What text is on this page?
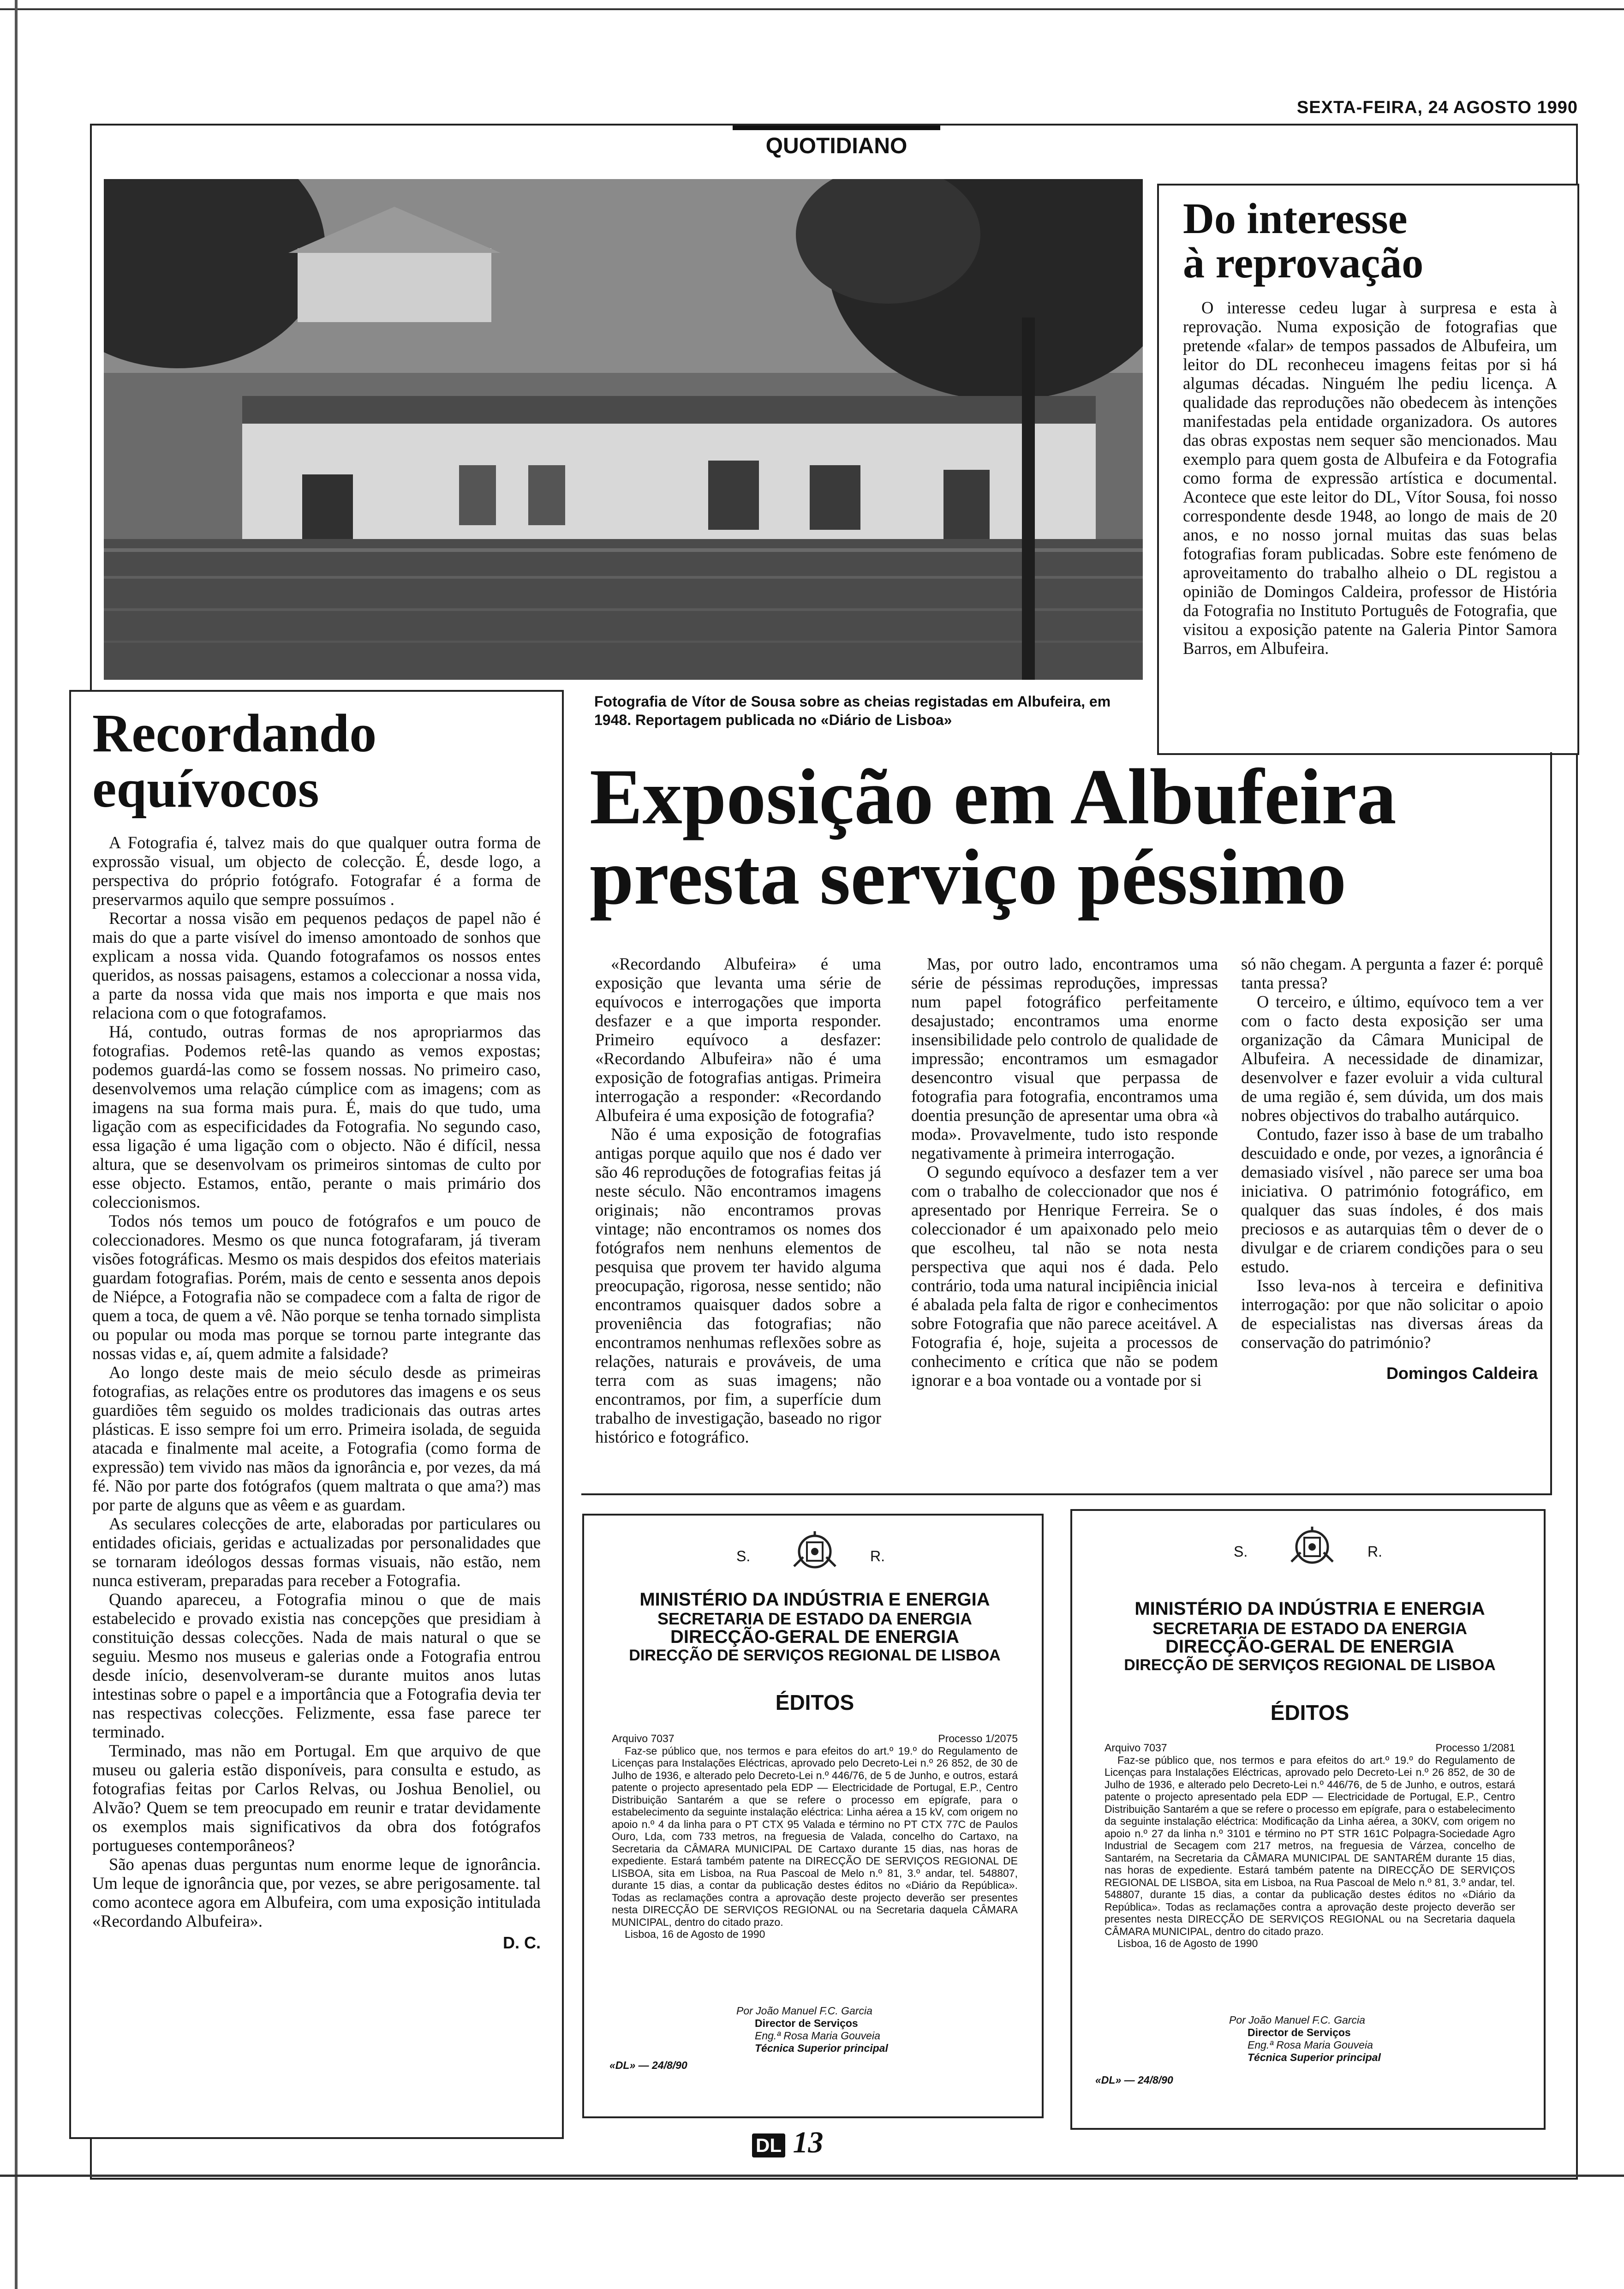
SEXTA-FEIRA, 24 AGOSTO 1990
QUOTIDIANO
Fotografia de Vítor de Sousa sobre as cheias registadas em Albufeira, em 1948. Reportagem publicada no «Diário de Lisboa»
Do interesse
à reprovação

O interesse cedeu lugar à surpresa e esta à reprovação. Numa exposição de fotografias que pretende «falar» de tempos passados de Albufeira, um leitor do DL reconheceu imagens feitas por si há algumas décadas. Ninguém lhe pediu licença. A qualidade das reproduções não obedecem às intenções manifestadas pela entidade organizadora. Os autores das obras expostas nem sequer são mencionados. Mau exemplo para quem gosta de Albufeira e da Fotografia como forma de expressão artística e documental. Acontece que este leitor do DL, Vítor Sousa, foi nosso correspondente desde 1948, ao longo de mais de 20 anos, e no nosso jornal muitas das suas belas fotografias foram publicadas. Sobre este fenómeno de aproveitamento do trabalho alheio o DL registou a opinião de Domingos Caldeira, professor de História da Fotografia no Instituto Português de Fotografia, que visitou a exposição patente na Galeria Pintor Samora Barros, em Albufeira.

Recordando
equívocos

A Fotografia é, talvez mais do que qualquer outra forma de exprossão visual, um objecto de colecção. É, desde logo, a perspectiva do próprio fotógrafo. Fotografar é a forma de preservarmos aquilo que sempre possuímos .

Recortar a nossa visão em pequenos pedaços de papel não é mais do que a parte visível do imenso amontoado de sonhos que explicam a nossa vida. Quando fotografamos os nossos entes queridos, as nossas paisagens, estamos a coleccionar a nossa vida, a parte da nossa vida que mais nos importa e que mais nos relaciona com o que fotografamos.

Há, contudo, outras formas de nos apropriarmos das fotografias. Podemos retê-las quando as vemos expostas; podemos guardá-las como se fossem nossas. No primeiro caso, desenvolvemos uma relação cúmplice com as imagens; com as imagens na sua forma mais pura. É, mais do que tudo, uma ligação com as especificidades da Fotografia. No segundo caso, essa ligação é uma ligação com o objecto. Não é difícil, nessa altura, que se desenvolvam os primeiros sintomas de culto por esse objecto. Estamos, então, perante o mais primário dos coleccionismos.

Todos nós temos um pouco de fotógrafos e um pouco de coleccionadores. Mesmo os que nunca fotografaram, já tiveram visões fotográficas. Mesmo os mais despidos dos efeitos materiais guardam fotografias. Porém, mais de cento e sessenta anos depois de Niépce, a Fotografia não se compadece com a falta de rigor de quem a toca, de quem a vê. Não porque se tenha tornado simplista ou popular ou moda mas porque se tornou parte integrante das nossas vidas e, aí, quem admite a falsidade?

Ao longo deste mais de meio século desde as primeiras fotografias, as relações entre os produtores das imagens e os seus guardiões têm seguido os moldes tradicionais das outras artes plásticas. E isso sempre foi um erro. Primeira isolada, de seguida atacada e finalmente mal aceite, a Fotografia (como forma de expressão) tem vivido nas mãos da ignorância e, por vezes, da má fé. Não por parte dos fotógrafos (quem maltrata o que ama?) mas por parte de alguns que as vêem e as guardam.

As seculares colecções de arte, elaboradas por particulares ou entidades oficiais, geridas e actualizadas por personalidades que se tornaram ideólogos dessas formas visuais, não estão, nem nunca estiveram, preparadas para receber a Fotografia.

Quando apareceu, a Fotografia minou o que de mais estabelecido e provado existia nas concepções que presidiam à constituição dessas colecções. Nada de mais natural o que se seguiu. Mesmo nos museus e galerias onde a Fotografia entrou desde início, desenvolveram-se durante muitos anos lutas intestinas sobre o papel e a importância que a Fotografia devia ter nas respectivas colecções. Felizmente, essa fase parece ter terminado.

Terminado, mas não em Portugal. Em que arquivo de que museu ou galeria estão disponíveis, para consulta e estudo, as fotografias feitas por Carlos Relvas, ou Joshua Benoliel, ou Alvão? Quem se tem preocupado em reunir e tratar devidamente os exemplos mais significativos da obra dos fotógrafos portugueses contemporâneos?

São apenas duas perguntas num enorme leque de ignorância. Um leque de ignorância que, por vezes, se abre perigosamente. tal como acontece agora em Albufeira, com uma exposição intitulada «Recordando Albufeira».

D. C.
Exposição em Albufeira
presta serviço péssimo

«Recordando Albufeira» é uma exposição que levanta uma série de equívocos e interrogações que importa desfazer e a que importa responder. Primeiro equívoco a desfazer: «Recordando Albufeira» não é uma exposição de fotografias antigas. Primeira interrogação a responder: «Recordando Albufeira é uma exposição de fotografia?

Não é uma exposição de fotografias antigas porque aquilo que nos é dado ver são 46 reproduções de fotografias feitas já neste século. Não encontramos imagens originais; não encontramos provas vintage; não encontramos os nomes dos fotógrafos nem nenhuns elementos de pesquisa que provem ter havido alguma preocupação, rigorosa, nesse sentido; não encontramos quaisquer dados sobre a proveniência das fotografias; não encontramos nenhumas reflexões sobre as relações, naturais e prováveis, de uma terra com as suas imagens; não encontramos, por fim, a superfície dum trabalho de investigação, baseado no rigor histórico e fotográfico.

Mas, por outro lado, encontramos uma série de péssimas reproduções, impressas num papel fotográfico perfeitamente desajustado; encontramos uma enorme insensibilidade pelo controlo de qualidade de impressão; encontramos um esmagador desencontro visual que perpassa de fotografia para fotografia, encontramos uma doentia presunção de apresentar uma obra «à moda». Provavelmente, tudo isto responde negativamente à primeira interrogação.

O segundo equívoco a desfazer tem a ver com o trabalho de coleccionador que nos é apresentado por Henrique Ferreira. Se o coleccionador é um apaixonado pelo meio que escolheu, tal não se nota nesta perspectiva que aqui nos é dada. Pelo contrário, toda uma natural incipiência inicial é abalada pela falta de rigor e conhecimentos sobre Fotografia que não parece aceitável. A Fotografia é, hoje, sujeita a processos de conhecimento e crítica que não se podem ignorar e a boa vontade ou a vontade por si

só não chegam. A pergunta a fazer é: porquê tanta pressa?

O terceiro, e último, equívoco tem a ver com o facto desta exposição ser uma organização da Câmara Municipal de Albufeira. A necessidade de dinamizar, desenvolver e fazer evoluir a vida cultural de uma região é, sem dúvida, um dos mais nobres objectivos do trabalho autárquico.

Contudo, fazer isso à base de um trabalho descuidado e onde, por vezes, a ignorância é demasiado visível , não parece ser uma boa iniciativa. O património fotográfico, em qualquer das suas índoles, é dos mais preciosos e as autarquias têm o dever de o divulgar e de criarem condições para o seu estudo.

Isso leva-nos à terceira e definitiva interrogação: por que não solicitar o apoio de especialistas nas diversas áreas da conservação do património?

Domingos Caldeira
S.	R.
MINISTÉRIO DA INDÚSTRIA E ENERGIA
SECRETARIA DE ESTADO DA ENERGIA
DIRECÇÃO-GERAL DE ENERGIA
DIRECÇÃO DE SERVIÇOS REGIONAL DE LISBOA
ÉDITOS
Arquivo 7037	Processo 1/2075
Faz-se público que, nos termos e para efeitos do art.º 19.º do Regulamento de Licenças para Instalações Eléctricas, aprovado pelo Decreto-Lei n.º 26 852, de 30 de Julho de 1936, e alterado pelo Decreto-Lei n.º 446/76, de 5 de Junho, e outros, estará patente o projecto apresentado pela EDP — Electricidade de Portugal, E.P., Centro Distribuição Santarém a que se refere o processo em epígrafe, para o estabelecimento da seguinte instalação eléctrica: Linha aérea a 15 kV, com origem no apoio n.º 4 da linha para o PT CTX 95 Valada e término no PT CTX 77C de Paulos Ouro, Lda, com 733 metros, na freguesia de Valada, concelho do Cartaxo, na Secretaria da CÂMARA MUNICIPAL DE Cartaxo durante 15 dias, nas horas de expediente. Estará também patente na DIRECÇÃO DE SERVIÇOS REGIONAL DE LISBOA, sita em Lisboa, na Rua Pascoal de Melo n.º 81, 3.º andar, tel. 548807, durante 15 dias, a contar da publicação destes éditos no «Diário da República». Todas as reclamações contra a aprovação deste projecto deverão ser presentes nesta DIRECÇÃO DE SERVIÇOS REGIONAL ou na Secretaria daquela CÂMARA MUNICIPAL, dentro do citado prazo.
Lisboa, 16 de Agosto de 1990
Por João Manuel F.C. Garcia
Director de Serviços
Eng.ª Rosa Maria Gouveia
Técnica Superior principal
«DL» — 24/8/90
S.	R.
MINISTÉRIO DA INDÚSTRIA E ENERGIA
SECRETARIA DE ESTADO DA ENERGIA
DIRECÇÃO-GERAL DE ENERGIA
DIRECÇÃO DE SERVIÇOS REGIONAL DE LISBOA
ÉDITOS
Arquivo 7037	Processo 1/2081
Faz-se público que, nos termos e para efeitos do art.º 19.º do Regulamento de Licenças para Instalações Eléctricas, aprovado pelo Decreto-Lei n.º 26 852, de 30 de Julho de 1936, e alterado pelo Decreto-Lei n.º 446/76, de 5 de Junho, e outros, estará patente o projecto apresentado pela EDP — Electricidade de Portugal, E.P., Centro Distribuição Santarém a que se refere o processo em epígrafe, para o estabelecimento da seguinte instalação eléctrica: Modificação da Linha aérea, a 30KV, com origem no apoio n.º 27 da linha n.º 3101 e término no PT STR 161C Polpagra-Sociedade Agro Industrial de Secagem com 217 metros, na freguesia de Várzea, concelho de Santarém, na Secretaria da CÂMARA MUNICIPAL DE SANTARÉM durante 15 dias, nas horas de expediente. Estará também patente na DIRECÇÃO DE SERVIÇOS REGIONAL DE LISBOA, sita em Lisboa, na Rua Pascoal de Melo n.º 81, 3.º andar, tel. 548807, durante 15 dias, a contar da publicação destes éditos no «Diário da República». Todas as reclamações contra a aprovação deste projecto deverão ser presentes nesta DIRECÇÃO DE SERVIÇOS REGIONAL ou na Secretaria daquela CÂMARA MUNICIPAL, dentro do citado prazo.
Lisboa, 16 de Agosto de 1990
Por João Manuel F.C. Garcia
Director de Serviços
Eng.ª Rosa Maria Gouveia
Técnica Superior principal
«DL» — 24/8/90
DL 13
